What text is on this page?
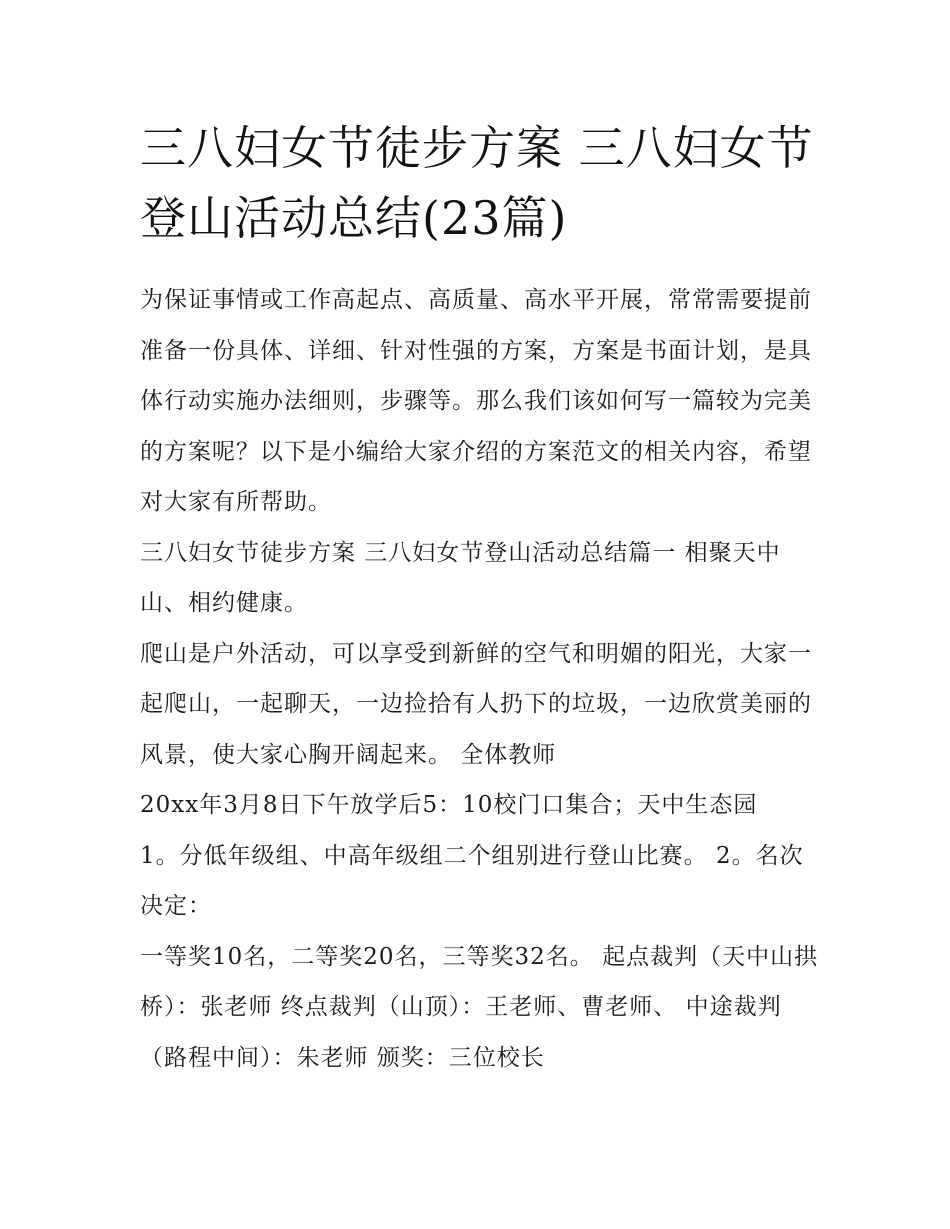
三八妇女节徒步方案 三八妇女节登山活动总结(23篇)

为保证事情或工作高起点、高质量、高水平开展，常常需要提前准备一份具体、详细、针对性强的方案，方案是书面计划，是具体行动实施办法细则，步骤等。那么我们该如何写一篇较为完美的方案呢？以下是小编给大家介绍的方案范文的相关内容，希望对大家有所帮助。

三八妇女节徒步方案 三八妇女节登山活动总结篇一 相聚天中山、相约健康。

爬山是户外活动，可以享受到新鲜的空气和明媚的阳光，大家一起爬山，一起聊天，一边捡拾有人扔下的垃圾，一边欣赏美丽的风景，使大家心胸开阔起来。 全体教师

20xx年3月8日下午放学后5：10校门口集合；天中生态园

1。分低年级组、中高年级组二个组别进行登山比赛。 2。名次决定：

一等奖10名，二等奖20名，三等奖32名。 起点裁判（天中山拱桥）：张老师 终点裁判（山顶）：王老师、曹老师、 中途裁判（路程中间）：朱老师 颁奖：三位校长
